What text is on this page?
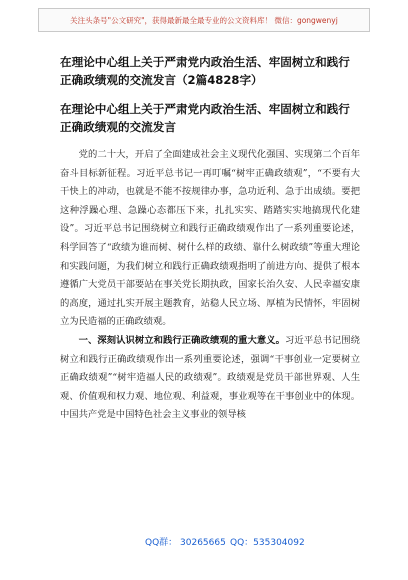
关注头条号"公文研究"，获得最新最全最专业的公文资料库！ 微信：gongwenyj
在理论中心组上关于严肃党内政治生活、牢固树立和践行正确政绩观的交流发言（2篇4828字）
在理论中心组上关于严肃党内政治生活、牢固树立和践行正确政绩观的交流发言

党的二十大，开启了全面建成社会主义现代化强国、实现第二个百年奋斗目标新征程。习近平总书记一再叮嘱“树牢正确政绩观”，“不要有大干快上的冲动，也就是不能不按规律办事，急功近利、急于出成绩。要把这种浮躁心理、急躁心态都压下来，扎扎实实、踏踏实实地搞现代化建设”。习近平总书记围绕树立和践行正确政绩观作出了一系列重要论述，科学回答了“政绩为谁而树、树什么样的政绩、靠什么树政绩”等重大理论和实践问题，为我们树立和践行正确政绩观指明了前进方向、提供了根本遵循广大党员干部要站在事关党长期执政，国家长治久安、人民幸福安康的高度，通过扎实开展主题教育，站稳人民立场、厚植为民情怀，牢固树立为民造福的正确政绩观。

一、深刻认识树立和践行正确政绩观的重大意义。习近平总书记围绕树立和践行正确政绩观作出一系列重要论述，强调“干事创业一定要树立正确政绩观”“树牢造福人民的政绩观”。政绩观是党员干部世界观、人生观、价值观和权力观、地位观、利益观，事业观等在干事创业中的体现。中国共产党是中国特色社会主义事业的领导核

QQ群： 30265665 QQ：535304092
